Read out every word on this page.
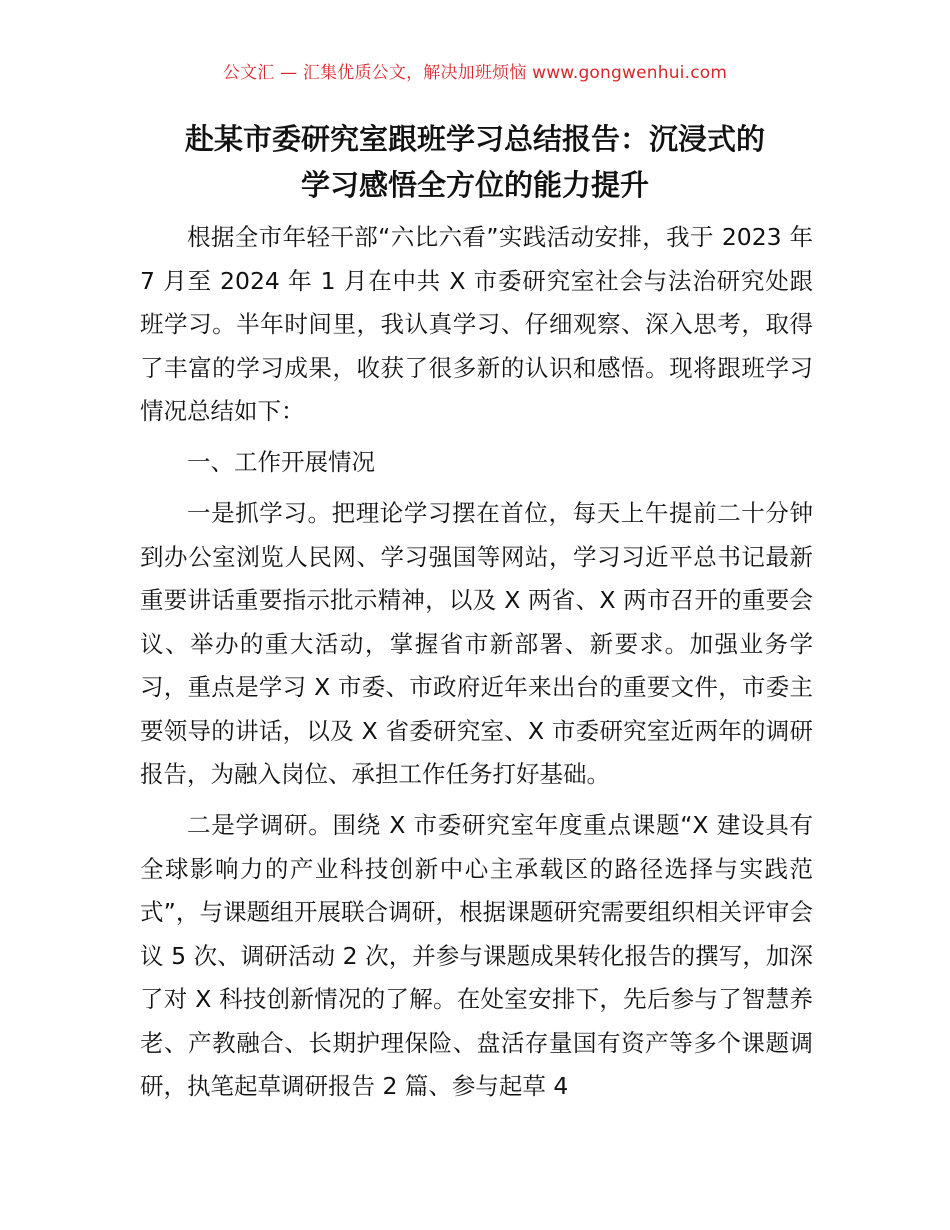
公文汇 — 汇集优质公文，解决加班烦恼 www.gongwenhui.com
赴某市委研究室跟班学习总结报告：沉浸式的
学习感悟全方位的能力提升

根据全市年轻干部“六比六看”实践活动安排，我于 2023 年 7 月至 2024 年 1 月在中共 X 市委研究室社会与法治研究处跟班学习。半年时间里，我认真学习、仔细观察、深入思考，取得了丰富的学习成果，收获了很多新的认识和感悟。现将跟班学习情况总结如下：

一、工作开展情况

一是抓学习。把理论学习摆在首位，每天上午提前二十分钟到办公室浏览人民网、学习强国等网站，学习习近平总书记最新重要讲话重要指示批示精神，以及 X 两省、X 两市召开的重要会议、举办的重大活动，掌握省市新部署、新要求。加强业务学习，重点是学习 X 市委、市政府近年来出台的重要文件，市委主要领导的讲话，以及 X 省委研究室、X 市委研究室近两年的调研报告，为融入岗位、承担工作任务打好基础。

二是学调研。围绕 X 市委研究室年度重点课题“X 建设具有全球影响力的产业科技创新中心主承载区的路径选择与实践范式”，与课题组开展联合调研，根据课题研究需要组织相关评审会议 5 次、调研活动 2 次，并参与课题成果转化报告的撰写，加深了对 X 科技创新情况的了解。在处室安排下，先后参与了智慧养老、产教融合、长期护理保险、盘活存量国有资产等多个课题调研，执笔起草调研报告 2 篇、参与起草 4
